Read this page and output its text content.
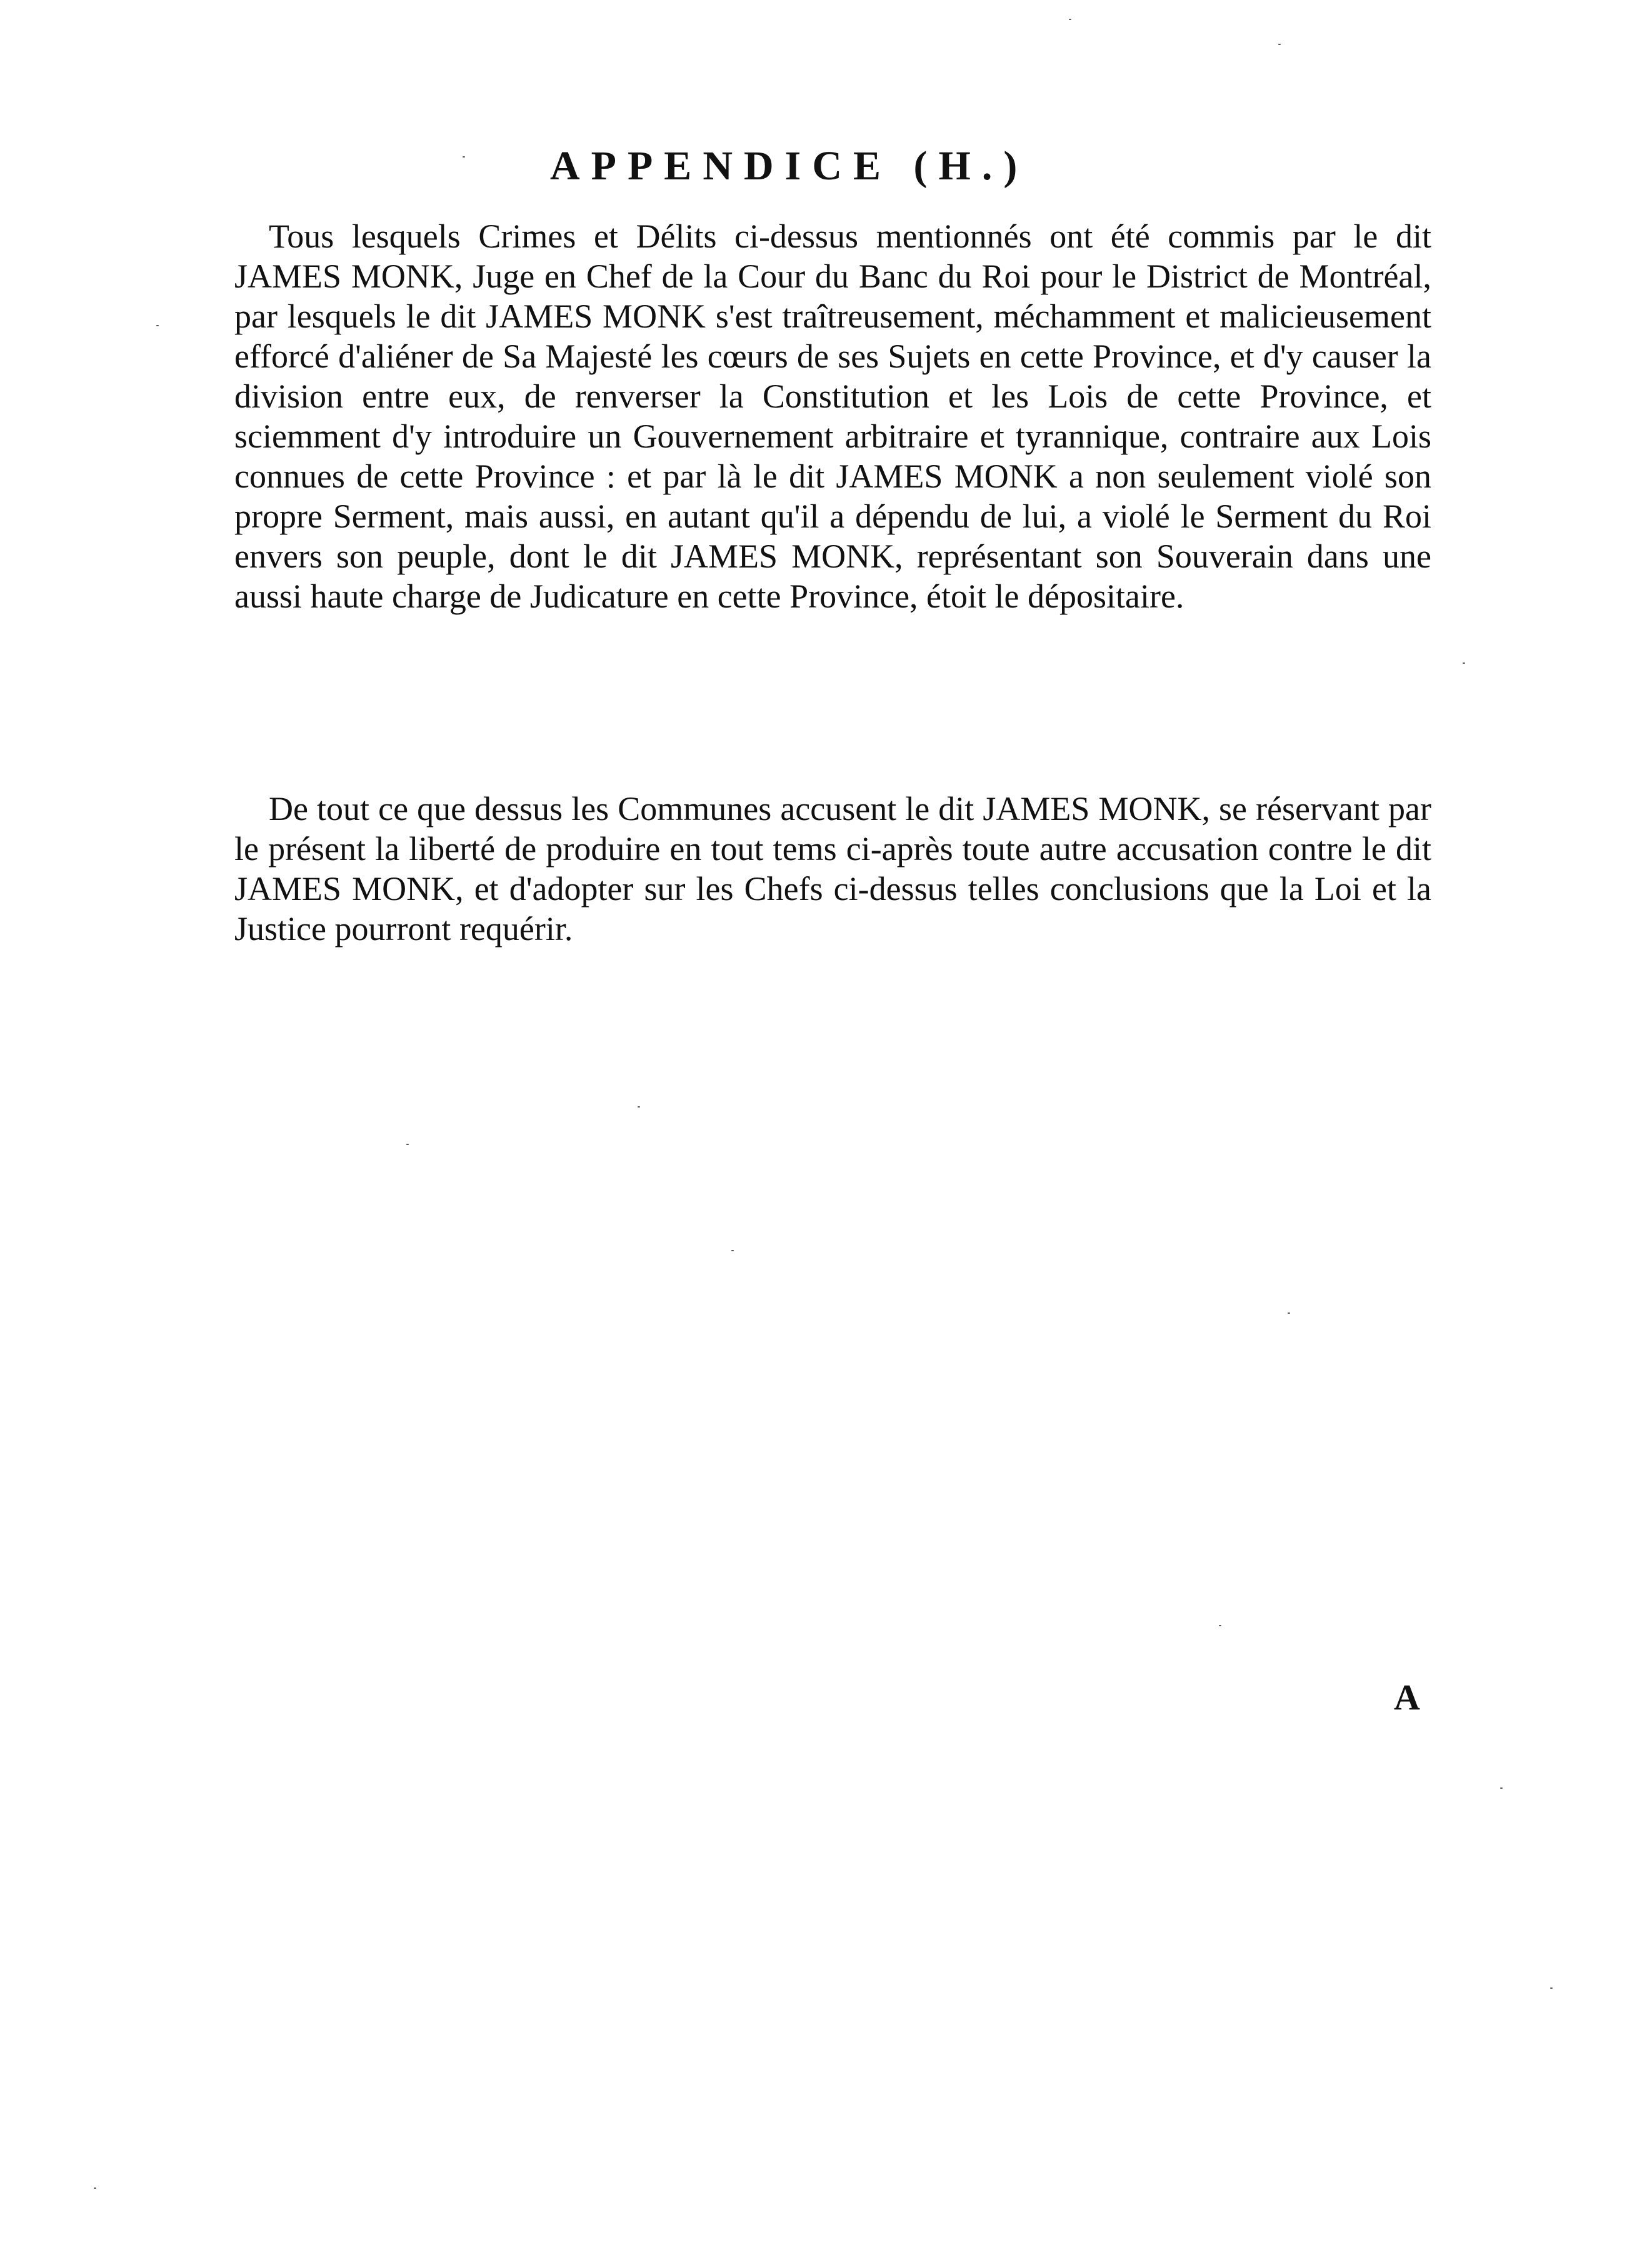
APPENDICE (H.)

Tous lesquels Crimes et Délits ci-dessus mentionnés ont été commis par le dit JAMES MONK, Juge en Chef de la Cour du Banc du Roi pour le District de Montréal, par lesquels le dit JAMES MONK s'est traîtreusement, méchamment et malicieusement efforcé d'aliéner de Sa Majesté les cœurs de ses Sujets en cette Province, et d'y causer la division entre eux, de renverser la Constitution et les Lois de cette Province, et sciemment d'y introduire un Gouvernement arbitraire et tyrannique, contraire aux Lois connues de cette Province : et par là le dit JAMES MONK a non seulement violé son propre Serment, mais aussi, en autant qu'il a dépendu de lui, a violé le Serment du Roi envers son peuple, dont le dit JAMES MONK, représentant son Souverain dans une aussi haute charge de Judicature en cette Province, étoit le dépositaire.

De tout ce que dessus les Communes accusent le dit JAMES MONK, se réservant par le présent la liberté de produire en tout tems ci-après toute autre accusation contre le dit JAMES MONK, et d'adopter sur les Chefs ci-dessus telles conclusions que la Loi et la Justice pourront requérir.

A
